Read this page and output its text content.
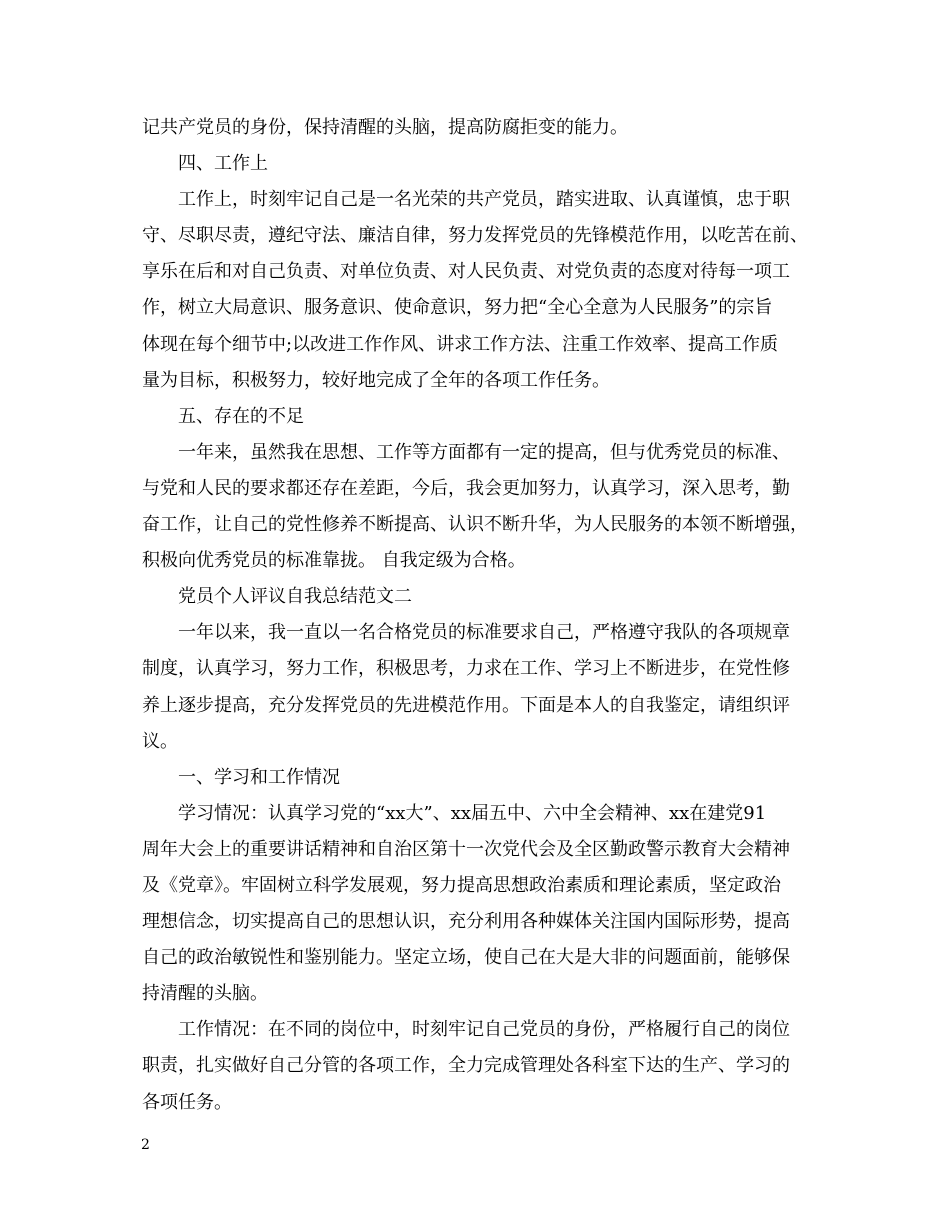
记共产党员的身份，保持清醒的头脑，提高防腐拒变的能力。
四、工作上
工作上，时刻牢记自己是一名光荣的共产党员，踏实进取、认真谨慎，忠于职
守、尽职尽责，遵纪守法、廉洁自律，努力发挥党员的先锋模范作用，以吃苦在前、
享乐在后和对自己负责、对单位负责、对人民负责、对党负责的态度对待每一项工
作，树立大局意识、服务意识、使命意识，努力把“全心全意为人民服务”的宗旨
体现在每个细节中;以改进工作作风、讲求工作方法、注重工作效率、提高工作质
量为目标，积极努力，较好地完成了全年的各项工作任务。
五、存在的不足
一年来，虽然我在思想、工作等方面都有一定的提高，但与优秀党员的标准、
与党和人民的要求都还存在差距，今后，我会更加努力，认真学习，深入思考，勤
奋工作，让自己的党性修养不断提高、认识不断升华，为人民服务的本领不断增强，
积极向优秀党员的标准靠拢。 自我定级为合格。
党员个人评议自我总结范文二
一年以来，我一直以一名合格党员的标准要求自己，严格遵守我队的各项规章
制度，认真学习，努力工作，积极思考，力求在工作、学习上不断进步，在党性修
养上逐步提高，充分发挥党员的先进模范作用。下面是本人的自我鉴定，请组织评
议。
一、学习和工作情况
学习情况：认真学习党的“xx大”、xx届五中、六中全会精神、xx在建党91
周年大会上的重要讲话精神和自治区第十一次党代会及全区勤政警示教育大会精神
及《党章》。牢固树立科学发展观，努力提高思想政治素质和理论素质，坚定政治
理想信念，切实提高自己的思想认识，充分利用各种媒体关注国内国际形势，提高
自己的政治敏锐性和鉴别能力。坚定立场，使自己在大是大非的问题面前，能够保
持清醒的头脑。
工作情况：在不同的岗位中，时刻牢记自己党员的身份，严格履行自己的岗位
职责，扎实做好自己分管的各项工作，全力完成管理处各科室下达的生产、学习的
各项任务。
2
